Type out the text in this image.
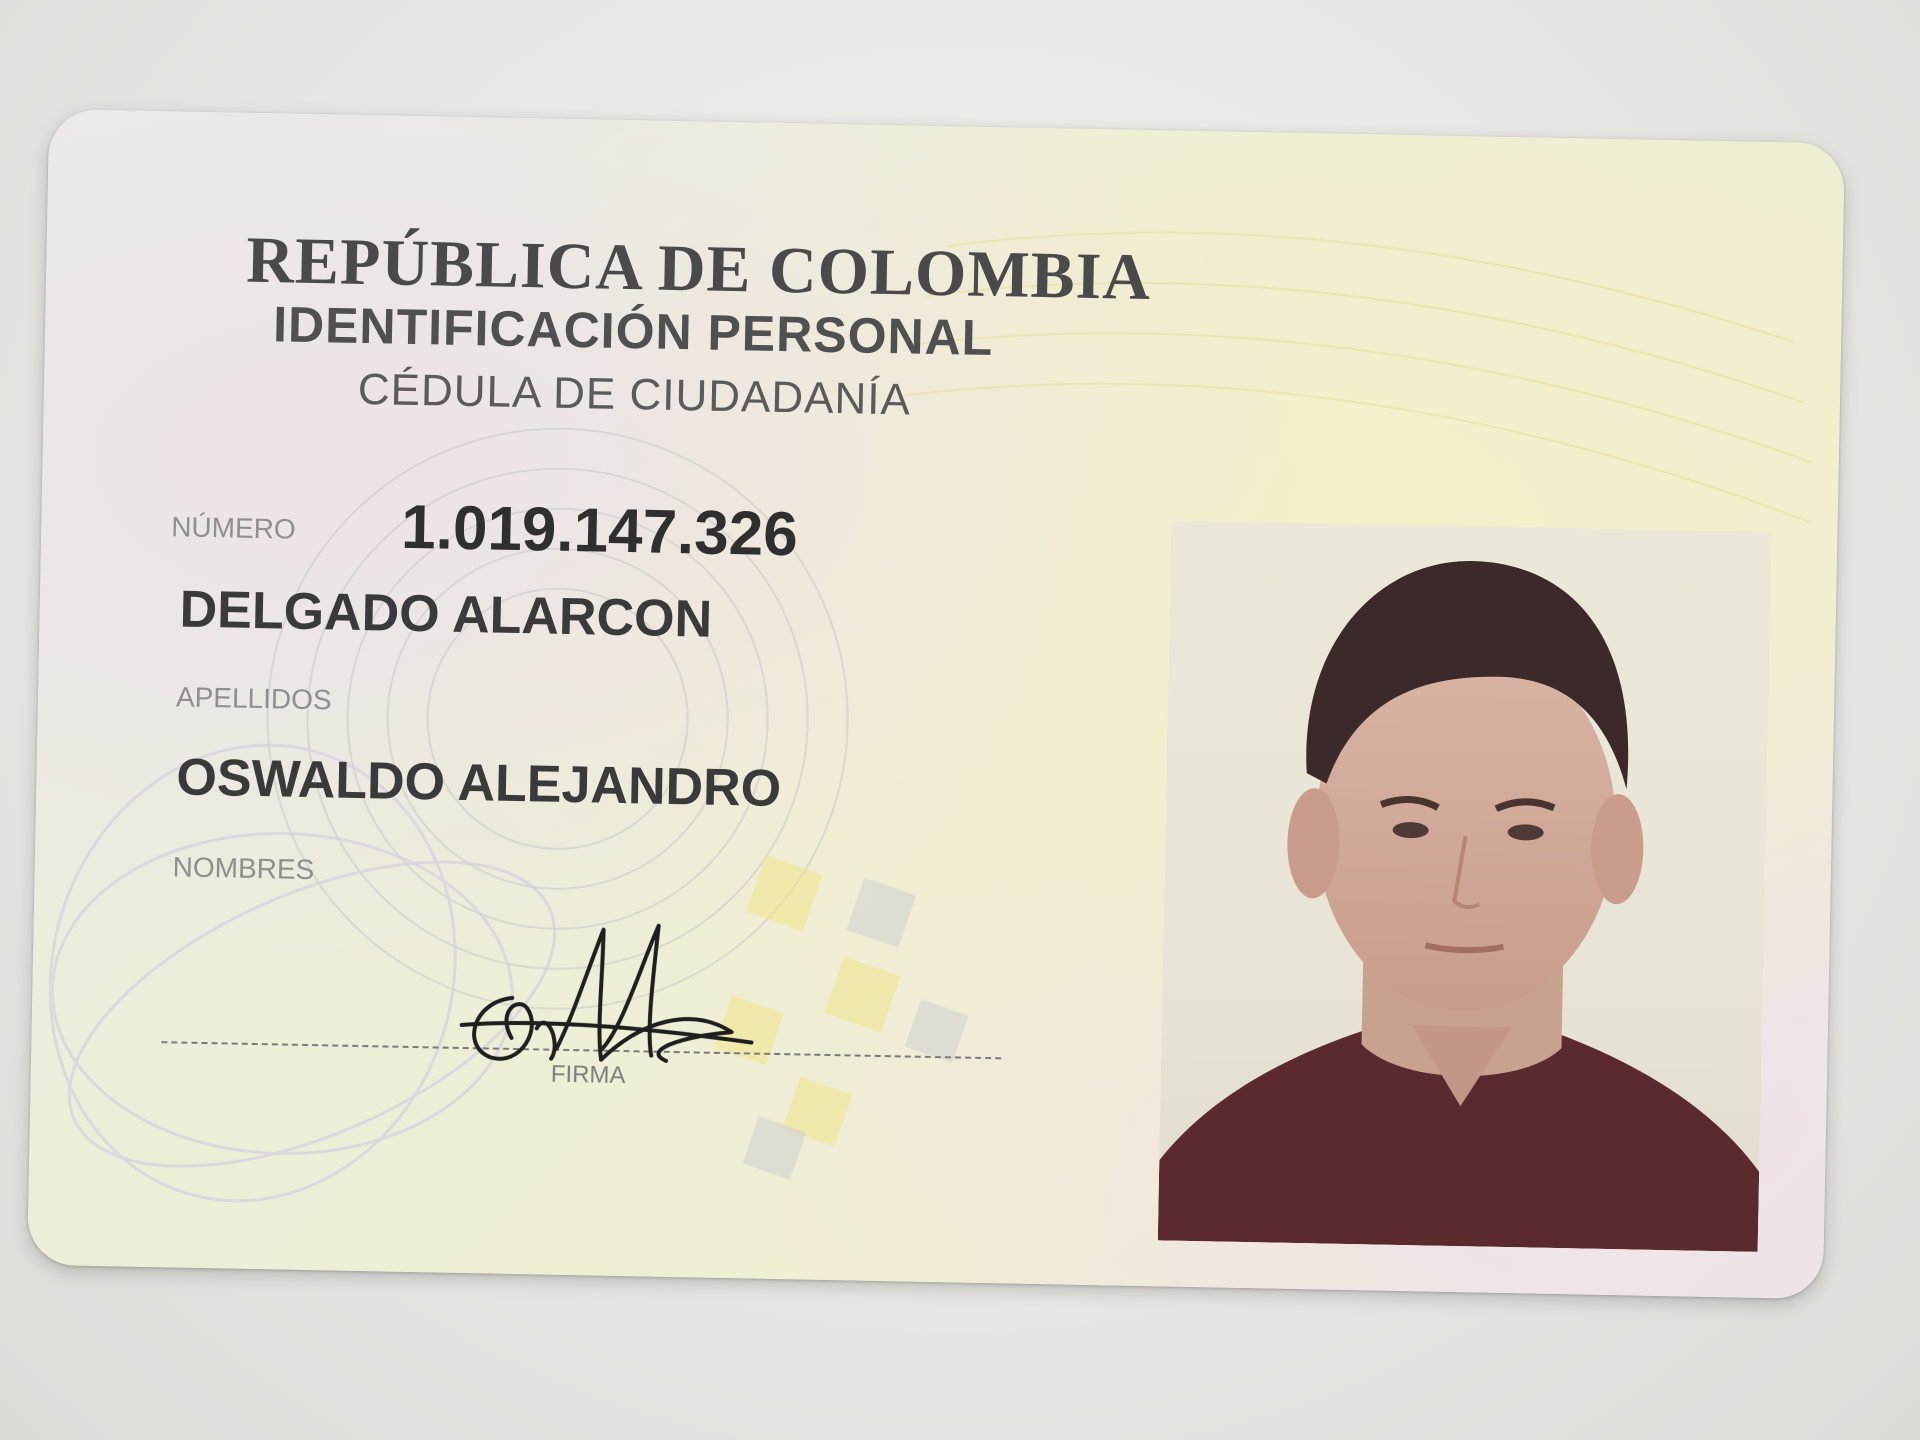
REPÚBLICA DE COLOMBIA
IDENTIFICACIÓN PERSONAL
CÉDULA DE CIUDADANÍA
NÚMERO 1.019.147.326
DELGADO ALARCON
APELLIDOS
OSWALDO ALEJANDRO
NOMBRES
FIRMA
